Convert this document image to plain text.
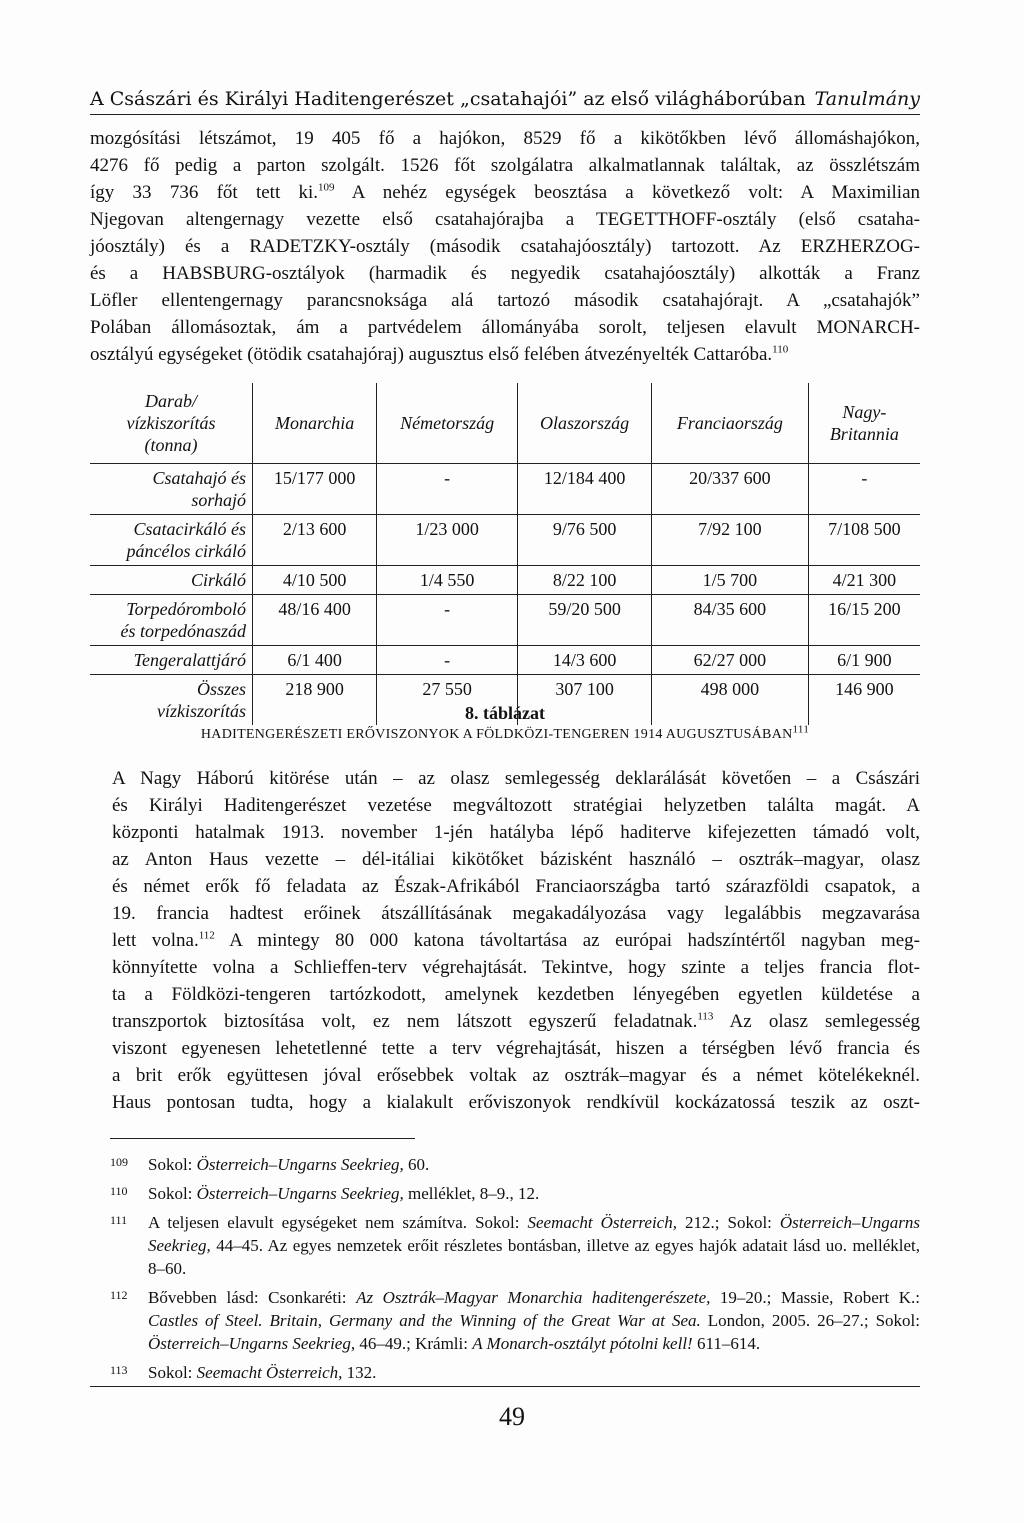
A Császári és Királyi Haditengerészet „csatahajói” az első világháborúban Tanulmány
mozgósítási létszámot, 19 405 fő a hajókon, 8529 fő a kikötőkben lévő állomáshajókon,
4276 fő pedig a parton szolgált. 1526 főt szolgálatra alkalmatlannak találtak, az összlétszám
így 33 736 főt tett ki.$^{109}$ A nehéz egységek beosztása a következő volt: A Maximilian
Njegovan altengernagy vezette első csatahajórajba a TEGETTHOFF-osztály (első csataha-
jóosztály) és a RADETZKY-osztály (második csatahajóosztály) tartozott. Az ERZHERZOG-
és a HABSBURG-osztályok (harmadik és negyedik csatahajóosztály) alkották a Franz
Löfler ellentengernagy parancsnoksága alá tartozó második csatahajórajt. A „csatahajók”
Polában állomásoztak, ám a partvédelem állományába sorolt, teljesen elavult MONARCH-
osztályú egységeket (ötödik csatahajóraj) augusztus első felében átvezényelték Cattaróba.$^{110}$
Darab/
vízkiszorítás
(tonna)	Monarchia	Németország	Olaszország	Franciaország	Nagy-
Britannia
Csatahajó és
sorhajó	15/177 000	-	12/184 400	20/337 600	-
Csatacirkáló és
páncélos cirkáló	2/13 600	1/23 000	9/76 500	7/92 100	7/108 500
Cirkáló	4/10 500	1/4 550	8/22 100	1/5 700	4/21 300
Torpedóromboló
és torpedónaszád	48/16 400	-	59/20 500	84/35 600	16/15 200
Tengeralattjáró	6/1 400	-	14/3 600	62/27 000	6/1 900
Összes
vízkiszorítás	218 900	27 550	307 100	498 000	146 900
8. táblázat
HADITENGERÉSZETI ERŐVISZONYOK A FÖLDKÖZI-TENGEREN 1914 AUGUSZTUSÁBAN$^{111}$
A Nagy Háború kitörése után – az olasz semlegesség deklarálását követően – a Császári
és Királyi Haditengerészet vezetése megváltozott stratégiai helyzetben találta magát. A
központi hatalmak 1913. november 1-jén hatályba lépő haditerve kifejezetten támadó volt,
az Anton Haus vezette – dél-itáliai kikötőket bázisként használó – osztrák–magyar, olasz
és német erők fő feladata az Észak-Afrikából Franciaországba tartó szárazföldi csapatok, a
19. francia hadtest erőinek átszállításának megakadályozása vagy legalábbis megzavarása
lett volna.$^{112}$ A mintegy 80 000 katona távoltartása az európai hadszíntértől nagyban meg-
könnyítette volna a Schlieffen-terv végrehajtását. Tekintve, hogy szinte a teljes francia flot-
ta a Földközi-tengeren tartózkodott, amelynek kezdetben lényegében egyetlen küldetése a
transzportok biztosítása volt, ez nem látszott egyszerű feladatnak.$^{113}$ Az olasz semlegesség
viszont egyenesen lehetetlenné tette a terv végrehajtását, hiszen a térségben lévő francia és
a brit erők együttesen jóval erősebbek voltak az osztrák–magyar és a német kötelékeknél.
Haus pontosan tudta, hogy a kialakult erőviszonyok rendkívül kockázatossá teszik az oszt-
109 Sokol: Österreich–Ungarns Seekrieg, 60.
110 Sokol: Österreich–Ungarns Seekrieg, melléklet, 8–9., 12.
111 A teljesen elavult egységeket nem számítva. Sokol: Seemacht Österreich, 212.; Sokol: Österreich–Ungarns Seekrieg, 44–45. Az egyes nemzetek erőit részletes bontásban, illetve az egyes hajók adatait lásd uo. melléklet, 8–60.
112 Bővebben lásd: Csonkaréti: Az Osztrák–Magyar Monarchia haditengerészete, 19–20.; Massie, Robert K.: Castles of Steel. Britain, Germany and the Winning of the Great War at Sea. London, 2005. 26–27.; Sokol: Österreich–Ungarns Seekrieg, 46–49.; Krámli: A Monarch-osztályt pótolni kell! 611–614.
113 Sokol: Seemacht Österreich, 132.
49
